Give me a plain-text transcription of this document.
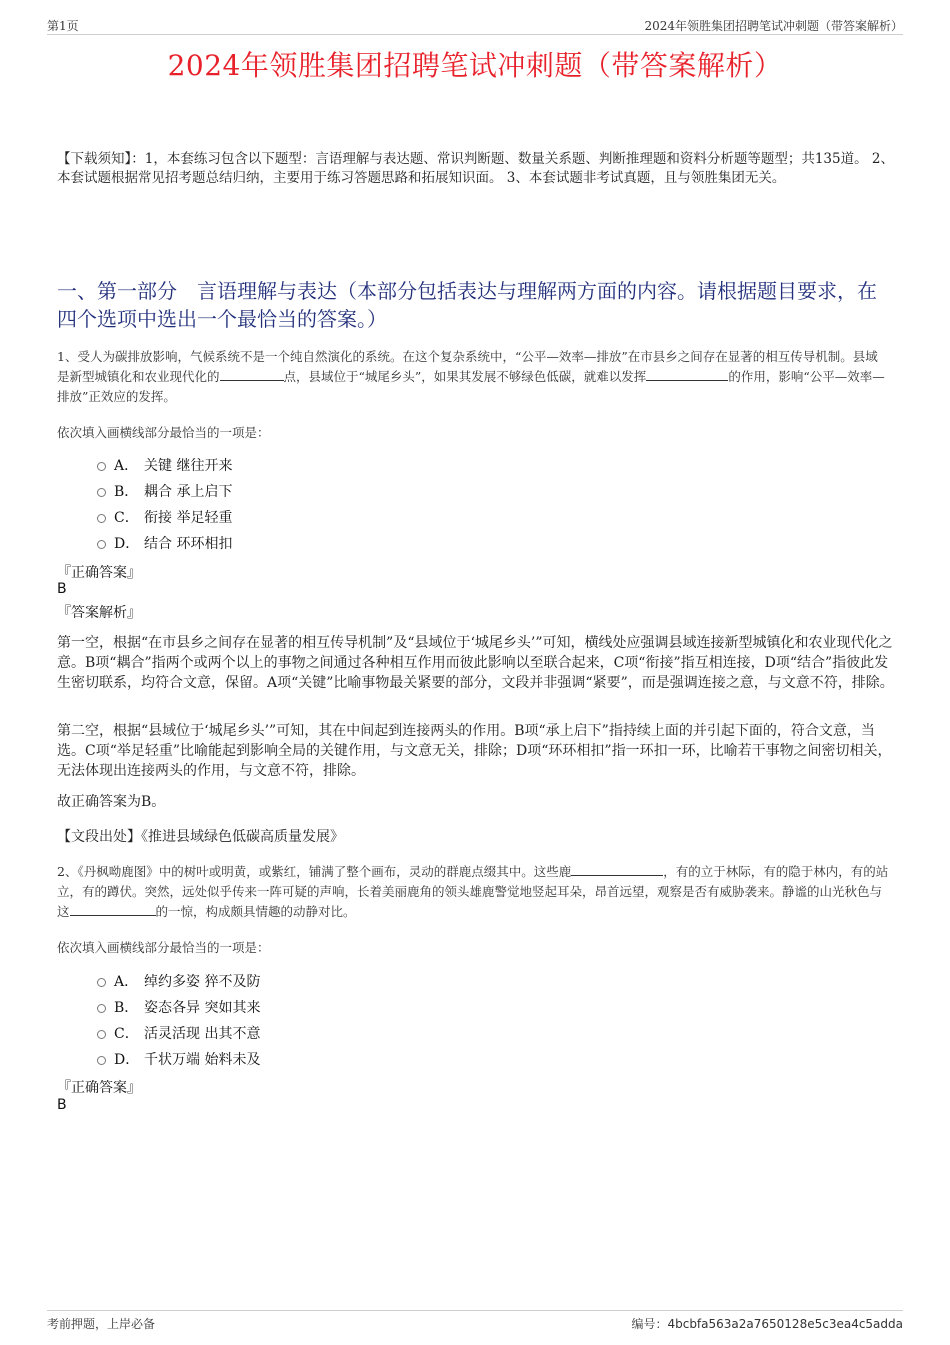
第1页	2024年领胜集团招聘笔试冲刺题（带答案解析）
2024年领胜集团招聘笔试冲刺题（带答案解析）
【下载须知】：1，本套练习包含以下题型：言语理解与表达题、常识判断题、数量关系题、判断推理题和资料分析题等题型；共135道。 2、本套试题根据常见招考题总结归纳，主要用于练习答题思路和拓展知识面。 3、本套试题非考试真题，且与领胜集团无关。
一、第一部分　言语理解与表达（本部分包括表达与理解两方面的内容。请根据题目要求，在四个选项中选出一个最恰当的答案。）
1、受人为碳排放影响，气候系统不是一个纯自然演化的系统。在这个复杂系统中，“公平—效率—排放”在市县乡之间存在显著的相互传导机制。县域是新型城镇化和农业现代化的	点，县域位于“城尾乡头”，如果其发展不够绿色低碳，就难以发挥	的作用，影响“公平—效率—排放”正效应的发挥。
依次填入画横线部分最恰当的一项是：
A． 关键 继往开来
B． 耦合 承上启下
C． 衔接 举足轻重
D． 结合 环环相扣
『正确答案』
B
『答案解析』
第一空，根据“在市县乡之间存在显著的相互传导机制”及“县域位于‘城尾乡头’”可知，横线处应强调县域连接新型城镇化和农业现代化之意。B项“耦合”指两个或两个以上的事物之间通过各种相互作用而彼此影响以至联合起来，C项“衔接”指互相连接，D项“结合”指彼此发生密切联系，均符合文意，保留。A项“关键”比喻事物最关紧要的部分，文段并非强调“紧要”，而是强调连接之意，与文意不符，排除。
第二空，根据“县域位于‘城尾乡头’”可知，其在中间起到连接两头的作用。B项“承上启下”指持续上面的并引起下面的，符合文意，当选。C项“举足轻重”比喻能起到影响全局的关键作用，与文意无关，排除；D项“环环相扣”指一环扣一环，比喻若干事物之间密切相关，无法体现出连接两头的作用，与文意不符，排除。
故正确答案为B。
【文段出处】《推进县域绿色低碳高质量发展》
2、《丹枫呦鹿图》中的树叶或明黄，或紫红，铺满了整个画布，灵动的群鹿点缀其中。这些鹿	，有的立于林际，有的隐于林内，有的站立，有的蹲伏。突然，远处似乎传来一阵可疑的声响，长着美丽鹿角的领头雄鹿警觉地竖起耳朵，昂首远望，观察是否有威胁袭来。静谧的山光秋色与这	的一惊，构成颇具情趣的动静对比。
依次填入画横线部分最恰当的一项是：
A． 绰约多姿 猝不及防
B． 姿态各异 突如其来
C． 活灵活现 出其不意
D． 千状万端 始料未及
『正确答案』
B
考前押题，上岸必备	编号：4bcbfa563a2a7650128e5c3ea4c5adda
